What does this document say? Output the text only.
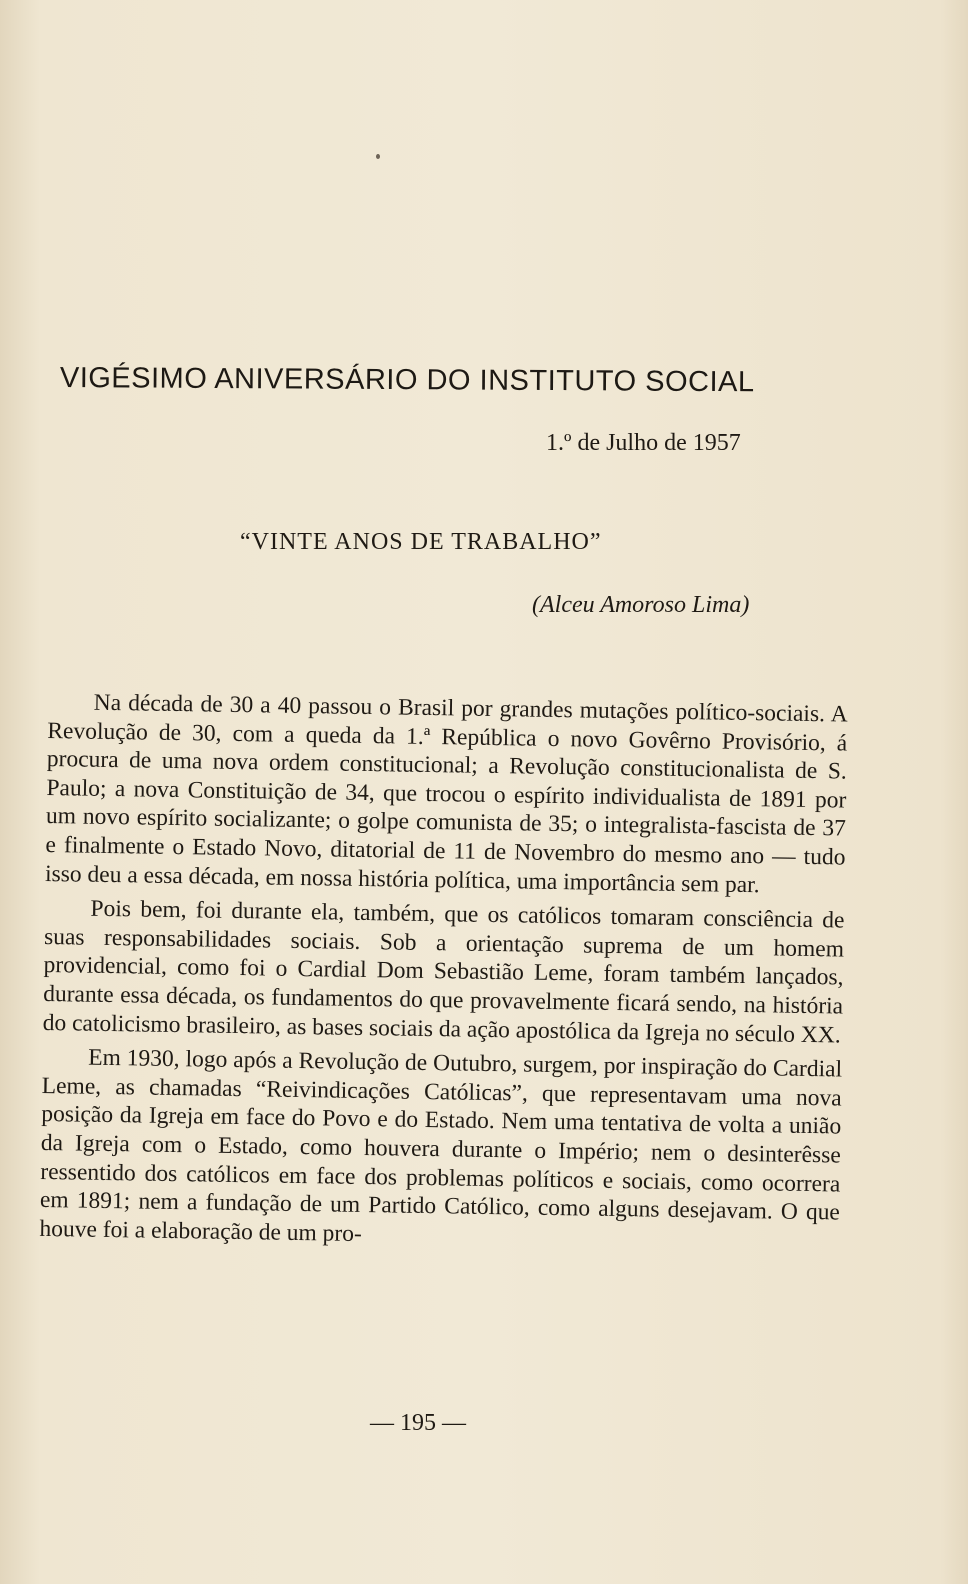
VIGÉSIMO ANIVERSÁRIO DO INSTITUTO SOCIAL
1.º de Julho de 1957
“VINTE ANOS DE TRABALHO”
(Alceu Amoroso Lima)

Na década de 30 a 40 passou o Brasil por grandes mutações político-sociais. A Revolução de 30, com a queda da 1.ª República o novo Govêrno Provisório, á procura de uma nova ordem constitucional; a Revolução constitucionalista de S. Paulo; a nova Constituição de 34, que trocou o espírito individualista de 1891 por um novo espírito socializante; o golpe comunista de 35; o integralista-fascista de 37 e finalmente o Estado Novo, ditatorial de 11 de Novembro do mesmo ano — tudo isso deu a essa década, em nossa história política, uma importância sem par.

Pois bem, foi durante ela, também, que os católicos tomaram consciência de suas responsabilidades sociais. Sob a orientação suprema de um homem providencial, como foi o Cardial Dom Sebastião Leme, foram também lançados, durante essa década, os fundamentos do que provavelmente ficará sendo, na história do catolicismo brasileiro, as bases sociais da ação apostólica da Igreja no século XX.

Em 1930, logo após a Revolução de Outubro, surgem, por inspiração do Cardial Leme, as chamadas “Reivindicações Católicas”, que representavam uma nova posição da Igreja em face do Povo e do Estado. Nem uma tentativa de volta a união da Igreja com o Estado, como houvera durante o Império; nem o desinterêsse ressentido dos católicos em face dos problemas políticos e sociais, como ocorrera em 1891; nem a fundação de um Partido Católico, como alguns desejavam. O que houve foi a elaboração de um pro-

— 195 —
